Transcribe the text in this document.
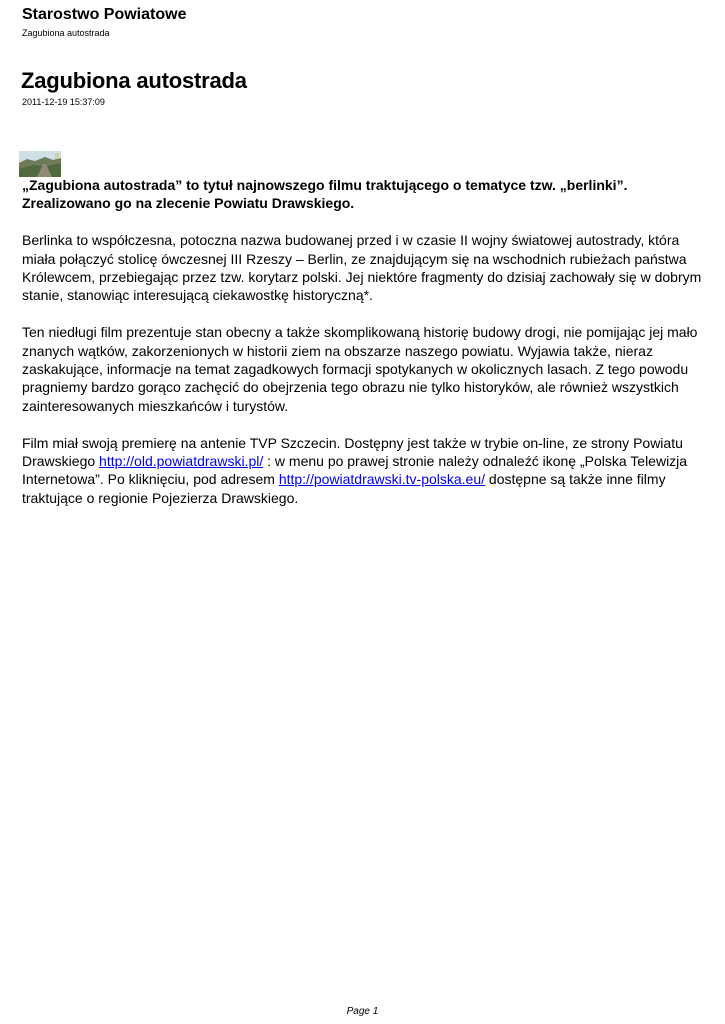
Starostwo Powiatowe
Zagubiona autostrada
Zagubiona autostrada
2011-12-19 15:37:09

„Zagubiona autostrada” to tytuł najnowszego filmu traktującego o tematyce tzw. „berlinki”. Zrealizowano go na zlecenie Powiatu Drawskiego.

Berlinka to współczesna, potoczna nazwa budowanej przed i w czasie II wojny światowej autostrady, która miała połączyć stolicę ówczesnej III Rzeszy – Berlin, ze znajdującym się na wschodnich rubieżach państwa Królewcem, przebiegając przez tzw. korytarz polski. Jej niektóre fragmenty do dzisiaj zachowały się w dobrym stanie, stanowiąc interesującą ciekawostkę historyczną*.

Ten niedługi film prezentuje stan obecny a także skomplikowaną historię budowy drogi, nie pomijając jej mało znanych wątków, zakorzenionych w historii ziem na obszarze naszego powiatu. Wyjawia także, nieraz zaskakujące, informacje na temat zagadkowych formacji spotykanych w okolicznych lasach. Z tego powodu pragniemy bardzo gorąco zachęcić do obejrzenia tego obrazu nie tylko historyków, ale również wszystkich zainteresowanych mieszkańców i turystów.

Film miał swoją premierę na antenie TVP Szczecin. Dostępny jest także w trybie on-line, ze strony Powiatu Drawskiego http://old.powiatdrawski.pl/ : w menu po prawej stronie należy odnaleźć ikonę „Polska Telewizja Internetowa”. Po kliknięciu, pod adresem http://powiatdrawski.tv-polska.eu/ dostępne są także inne filmy traktujące o regionie Pojezierza Drawskiego.

Page 1
